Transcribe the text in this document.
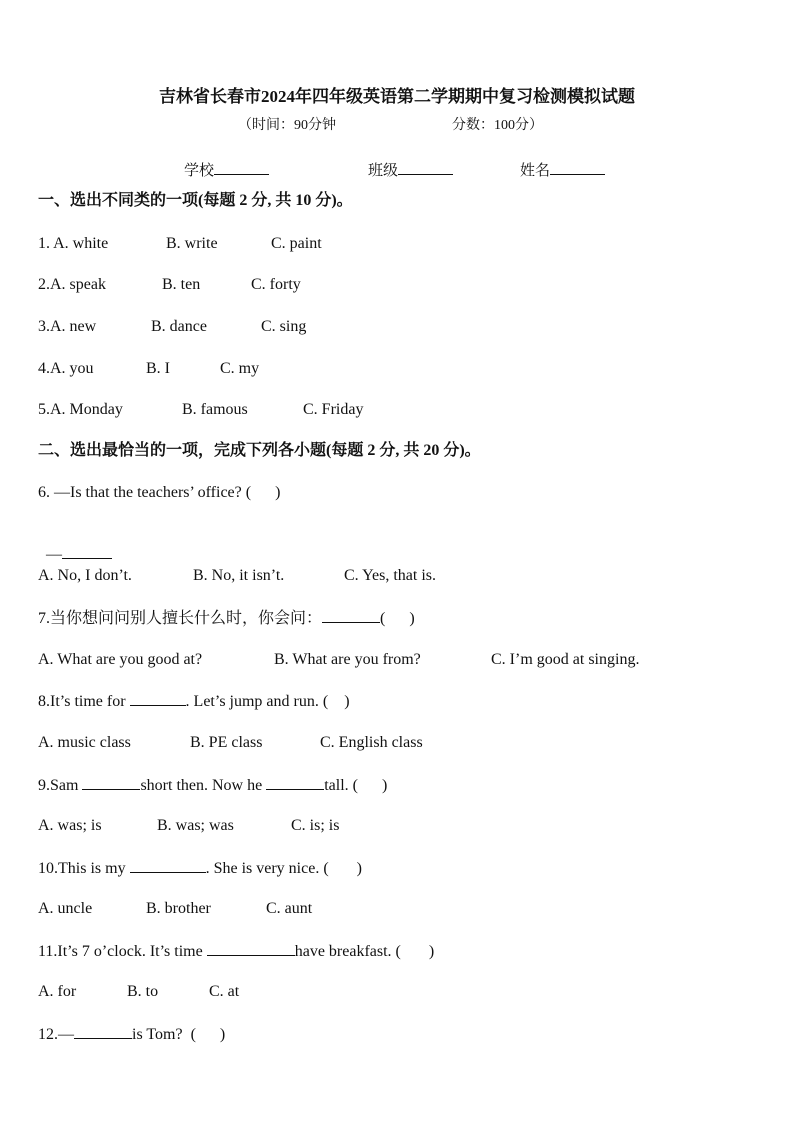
吉林省长春市2024年四年级英语第二学期期中复习检测模拟试题
（时间：90分钟	分数：100分）
学校	班级	姓名
一、选出不同类的一项(每题 2 分, 共 10 分)。
1. A. white	B. write	C. paint
2.A. speak	B. ten	C. forty
3.A. new	B. dance	C. sing
4.A. you	B. I	C. my
5.A. Monday	B. famous	C. Friday
二、选出最恰当的一项，完成下列各小题(每题 2 分, 共 20 分)。
6. —Is that the teachers’ office? (      )

—

A. No, I don’t.	B. No, it isn’t.	C. Yes, that is.
7.当你想问问别人擅长什么时，你会问：	(      )
A. What are you good at?	B. What are you from?	C. I’m good at singing.
8.It’s time for	. Let’s jump and run. (    )
A. music class	B. PE class	C. English class
9.Sam	short then. Now he	tall. (      )
A. was; is	B. was; was	C. is; is
10.This is my	. She is very nice. (       )
A. uncle	B. brother	C. aunt
11.It’s 7 o’clock. It’s time	have breakfast. (       )
A. for	B. to	C. at
12.—	is Tom?  (      )
